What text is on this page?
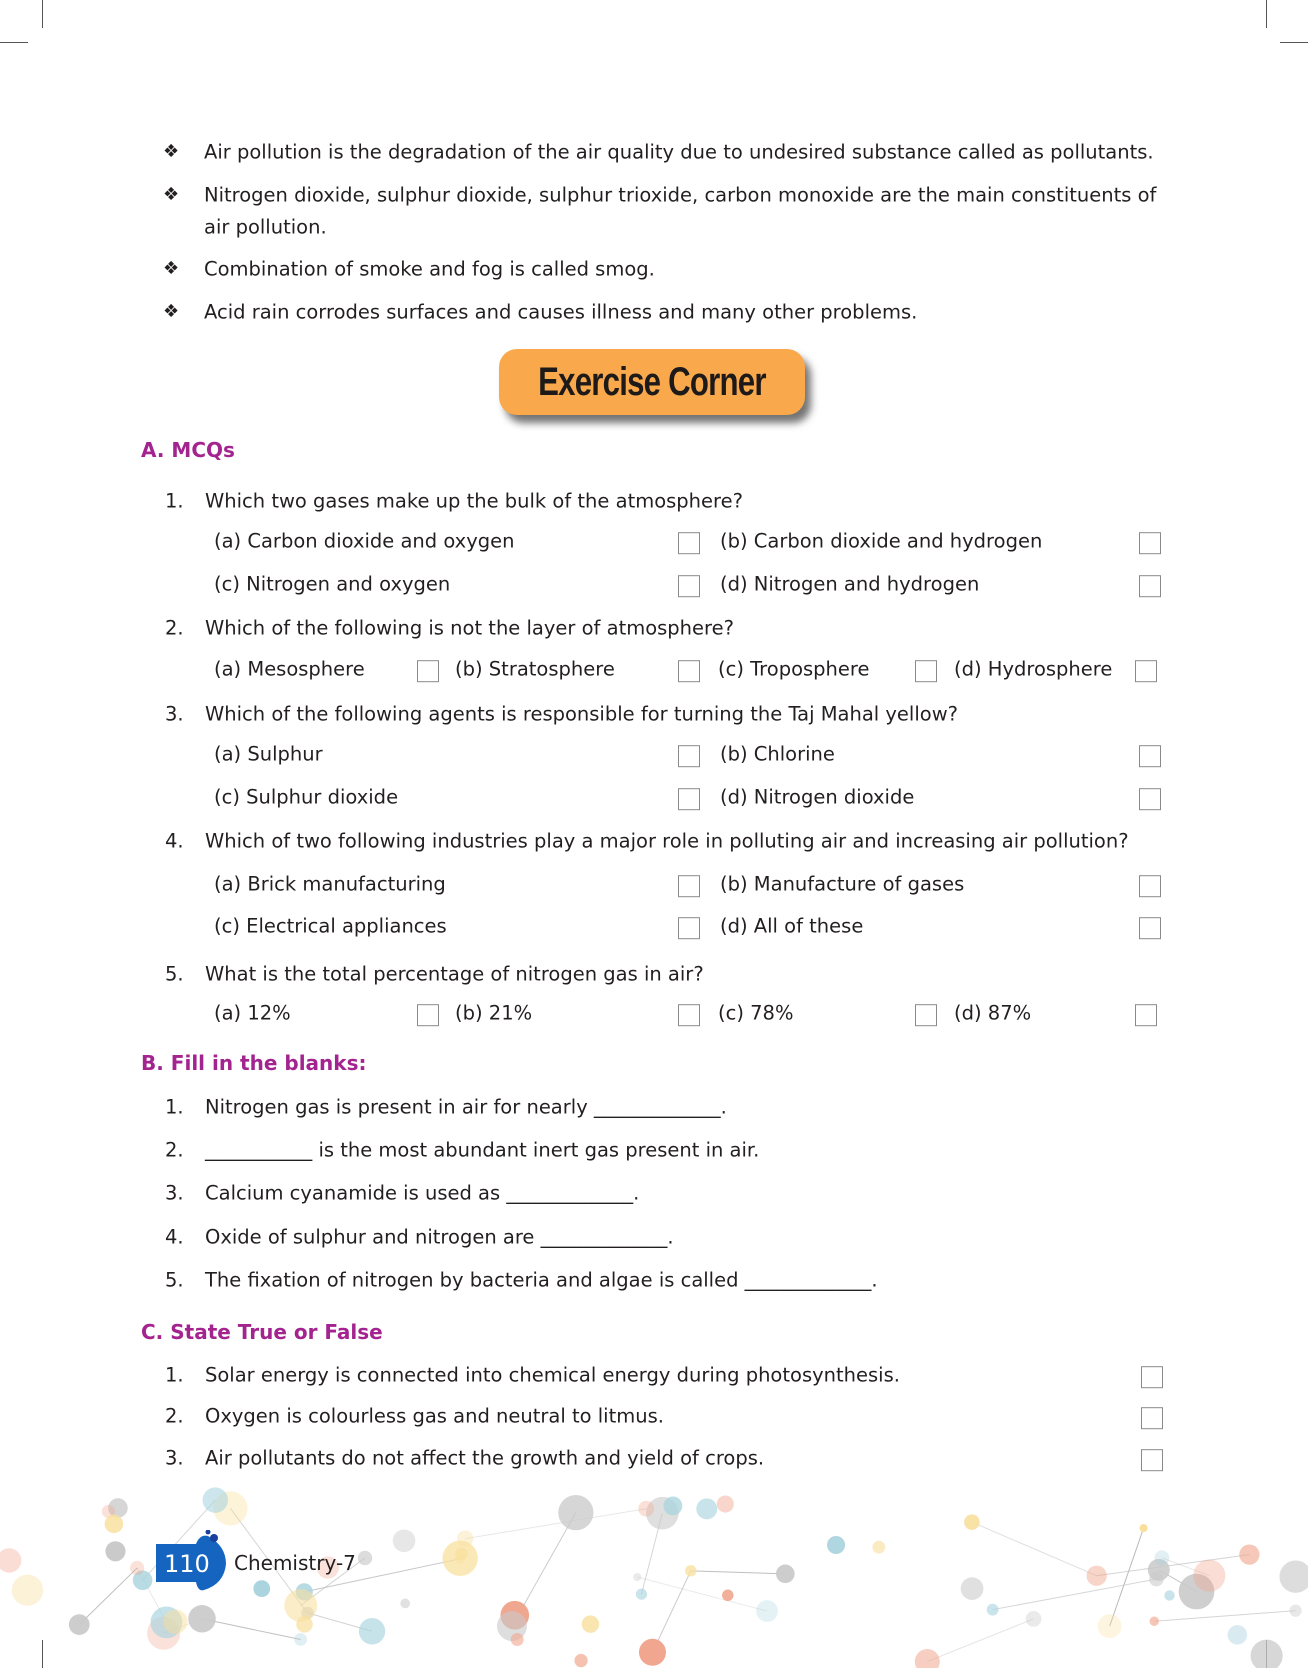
❖ Air pollution is the degradation of the air quality due to undesired substance called as pollutants.
❖ Nitrogen dioxide, sulphur dioxide, sulphur trioxide, carbon monoxide are the main constituents of
air pollution.
❖ Combination of smoke and fog is called smog.
❖ Acid rain corrodes surfaces and causes illness and many other problems.
A. MCQs
1. Which two gases make up the bulk of the atmosphere?
(a) Carbon dioxide and oxygen	(b) Carbon dioxide and hydrogen
(c) Nitrogen and oxygen	(d) Nitrogen and hydrogen
2. Which of the following is not the layer of atmosphere?
(a) Mesosphere	(b) Stratosphere	(c) Troposphere	(d) Hydrosphere
3. Which of the following agents is responsible for turning the Taj Mahal yellow?
(a) Sulphur	(b) Chlorine
(c) Sulphur dioxide	(d) Nitrogen dioxide
4. Which of two following industries play a major role in polluting air and increasing air pollution?
(a) Brick manufacturing	(b) Manufacture of gases
(c) Electrical appliances	(d) All of these
5. What is the total percentage of nitrogen gas in air?
(a) 12%	(b) 21%	(c) 78%	(d) 87%
B. Fill in the blanks:
1. Nitrogen gas is present in air for nearly _____________.
2. ___________ is the most abundant inert gas present in air.
3. Calcium cyanamide is used as _____________.
4. Oxide of sulphur and nitrogen are _____________.
5. The fixation of nitrogen by bacteria and algae is called _____________.
C. State True or False
1. Solar energy is connected into chemical energy during photosynthesis.
2. Oxygen is colourless gas and neutral to litmus.
3. Air pollutants do not affect the growth and yield of crops.
Exercise Corner
110 Chemistry-7
